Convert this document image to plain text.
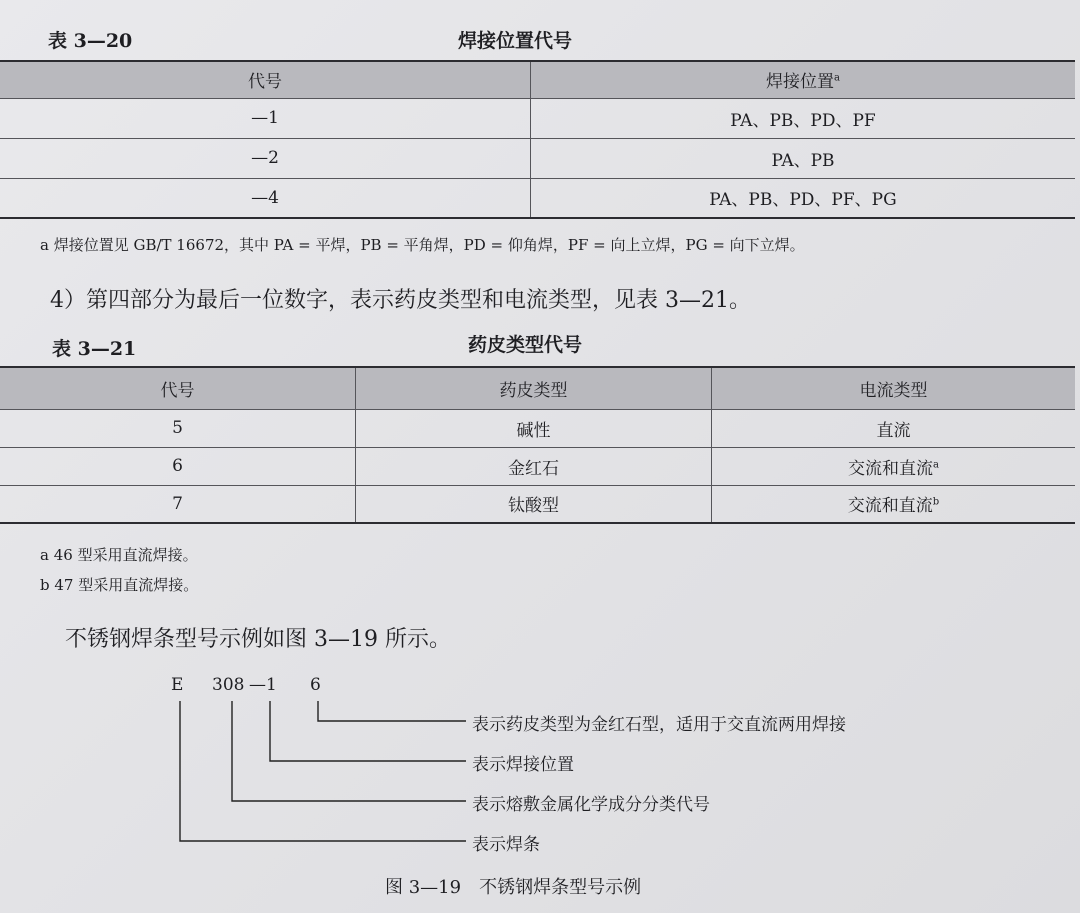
表 3—20	焊接位置代号
代号	焊接位置$^a$
—1	PA、PB、PD、PF
—2	PA、PB
—4	PA、PB、PD、PF、PG
a 焊接位置见 GB/T 16672，其中 PA = 平焊，PB = 平角焊，PD = 仰角焊，PF = 向上立焊，PG = 向下立焊。
4）第四部分为最后一位数字，表示药皮类型和电流类型，见表 3—21。
表 3—21	药皮类型代号
代号	药皮类型	电流类型
5	碱性	直流
6	金红石	交流和直流$^a$
7	钛酸型	交流和直流$^b$
a 46 型采用直流焊接。
b 47 型采用直流焊接。
不锈钢焊条型号示例如图 3—19 所示。
E 308 —1 6
表示药皮类型为金红石型，适用于交直流两用焊接
表示焊接位置
表示熔敷金属化学成分分类代号
表示焊条
图 3—19　不锈钢焊条型号示例
